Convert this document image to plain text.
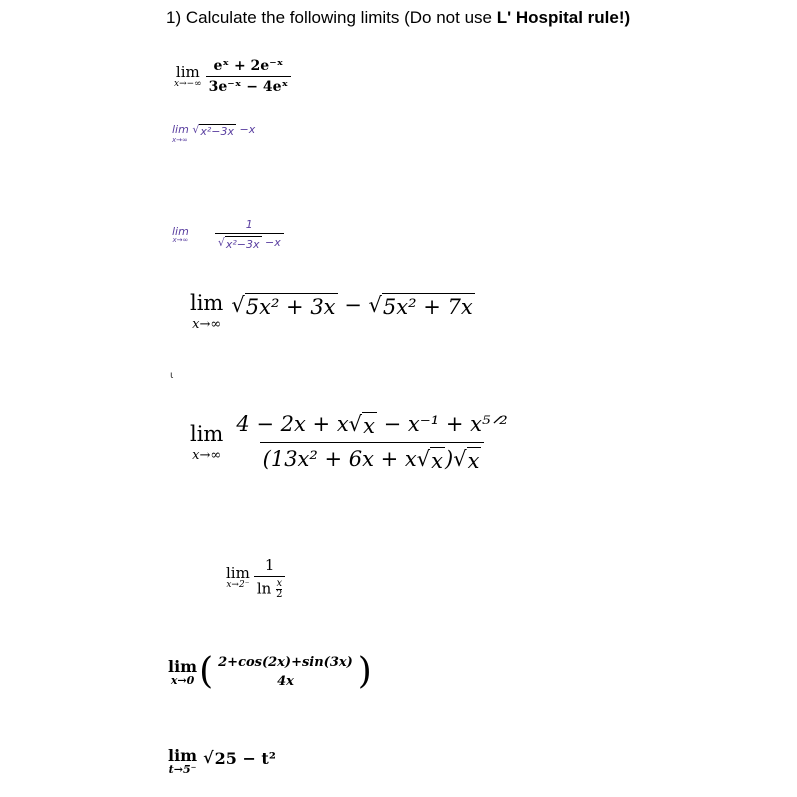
1) Calculate the following limits (Do not use L' Hospital rule!)
lim
$x\to-\infty \frac{\text{eˣ + 2e⁻ˣ}}{\text{3e⁻ˣ − 4eˣ}}$
lim √ x²−3x −x
x→∞
lim
$x\to\infty \frac{1}{\text{√ x²−3x −x}}$
lim
x→∞
√ 5x² + 3x − √ 5x² + 7x
ι
lim
$x\to\infty \frac{\text{4 − 2x + x √ x − x⁻¹ + x⁵ᐟ²}}{\text{(13x² + 6x + x √ x ) √ x}}$
lim
$x\to 2^- \frac{1}{\ln \frac{x}{2}}$
lim
x→0 ( 2+cos(2x)+sin(3x)
4x )
lim
t→5⁻
√ 25 − t²
